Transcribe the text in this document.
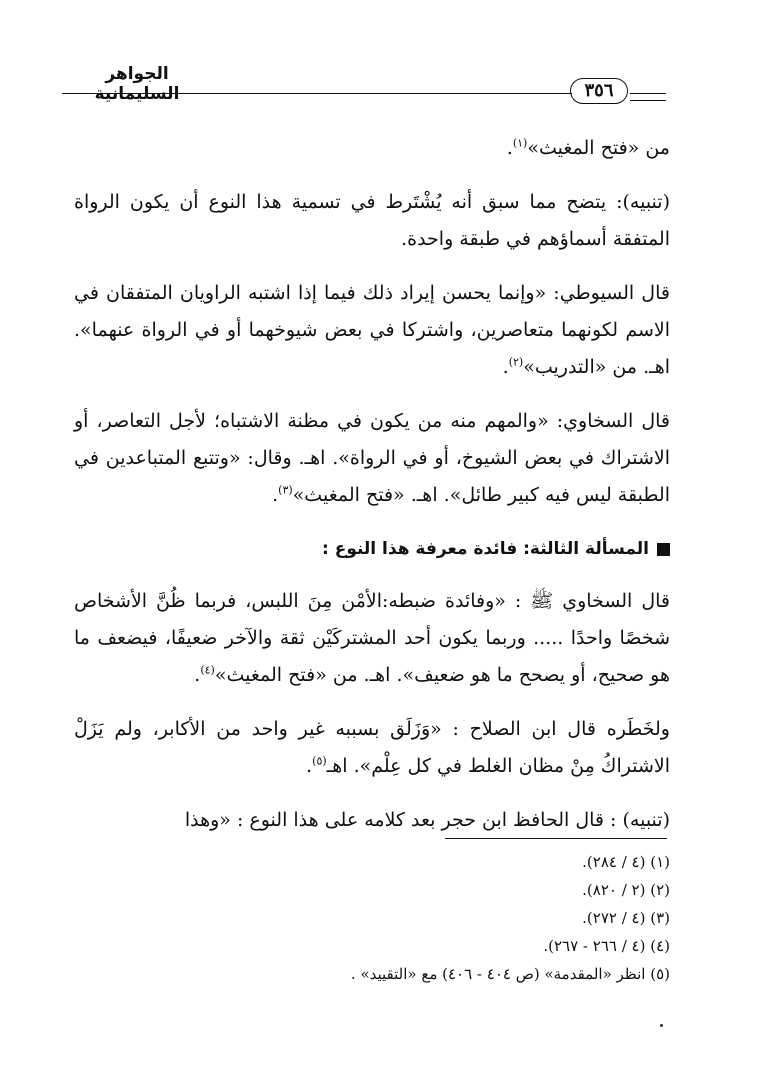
الجواهر السليمانية	٣٥٦
من «فتح المغيث»$^{(١)}$.
(تنبيه): يتضح مما سبق أنه يُشْتَرط في تسمية هذا النوع أن يكون الرواة المتفقة أسماؤهم في طبقة واحدة.
قال السيوطي: «وإنما يحسن إيراد ذلك فيما إذا اشتبه الراويان المتفقان في الاسم لكونهما متعاصرين، واشتركا في بعض شيوخهما أو في الرواة عنهما». اهـ. من «التدريب»$^{(٢)}$.
قال السخاوي: «والمهم منه من يكون في مظنة الاشتباه؛ لأجل التعاصر، أو الاشتراك في بعض الشيوخ، أو في الرواة». اهـ. وقال: «وتتبع المتباعدين في الطبقة ليس فيه كبير طائل». اهـ. «فتح المغيث»$^{(٣)}$.
المسألة الثالثة: فائدة معرفة هذا النوع :
قال السخاوي ﷺ : «وفائدة ضبطه:الأمْن مِنَ اللبس، فربما ظُنَّ الأشخاص شخصًا واحدًا ..... وربما يكون أحد المشتركَيْن ثقة والآخر ضعيفًا، فيضعف ما هو صحيح، أو يصحح ما هو ضعيف». اهـ. من «فتح المغيث»$^{(٤)}$.
ولخَطَره قال ابن الصلاح : «وَزَلَق بسببه غير واحد من الأكابر، ولم يَزَلْ الاشتراكُ مِنْ مظان الغلط في كل عِلْم». اهـ$^{(٥)}$.
(تنبيه) : قال الحافظ ابن حجر بعد كلامه على هذا النوع : «وهذا
(١) (٤ / ٢٨٤).
(٢) (٢ / ٨٢٠).
(٣) (٤ / ٢٧٢).
(٤) (٤ / ٢٦٦ - ٢٦٧).
(٥) انظر «المقدمة» (ص ٤٠٤ - ٤٠٦) مع «التقييد» .
